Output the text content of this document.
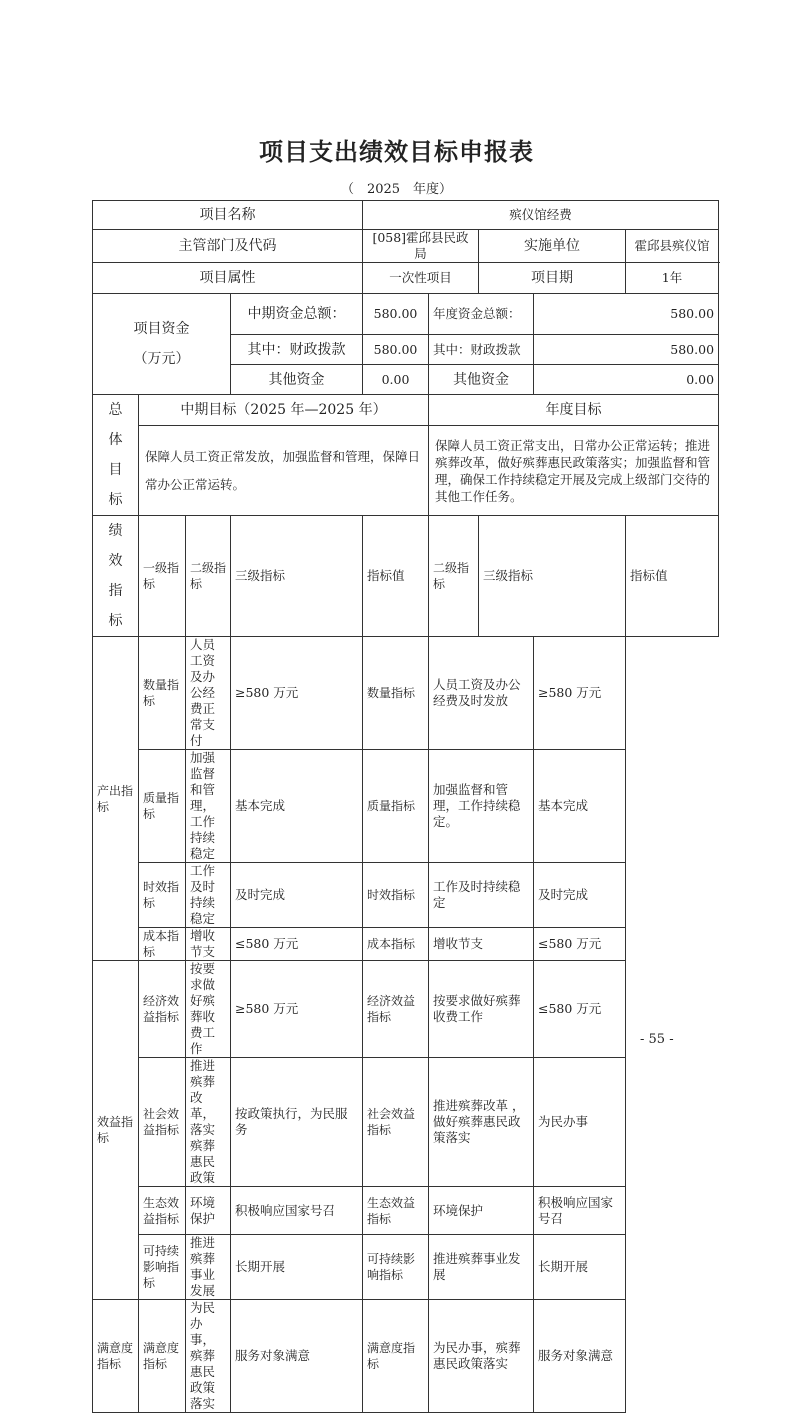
项目支出绩效目标申报表
（　2025　年度）
项目名称				殡仪馆经费				
主管部门及代码				[058]霍邱县民政局		实施单位		霍邱县殡仪馆
项目属性				一次性项目		项目期		1年
项目资金
（万元）			中期资金总额：	580.00	年度资金总额：		580.00	
			其中：财政拨款	580.00	其中：财政拨款		580.00	
			其他资金	0.00	其他资金		0.00	
总体目标	中期目标（2025 年—2025 年）				年度目标			
	保障人员工资正常发放，加强监督和管理，保障日常办公正常运转。				保障人员工资正常支出，日常办公正常运转；推进殡葬改革，做好殡葬惠民政策落实；加强监督和管理，确保工作持续稳定开展及完成上级部门交待的其他工作任务。			
绩效指标	一级指标	二级指标	三级指标	指标值	二级指标	三级指标		指标值
产出指标	数量指标	人员工资及办公经费正常支付	≥580 万元	数量指标	人员工资及办公经费及时发放		≥580 万元	
	质量指标	加强监督和管理，工作持续稳定	基本完成	质量指标	加强监督和管理，工作持续稳定。		基本完成	
	时效指标	工作及时持续稳定	及时完成	时效指标	工作及时持续稳定		及时完成	
	成本指标	增收节支	≤580 万元	成本指标	增收节支		≤580 万元	
效益指标	经济效益指标	按要求做好殡葬收费工作	≥580 万元	经济效益指标	按要求做好殡葬收费工作		≤580 万元	
	社会效益指标	推进殡葬改革，落实殡葬惠民政策	按政策执行，为民服务	社会效益指标	推进殡葬改革 ，做好殡葬惠民政策落实		为民办事	
	生态效益指标	环境保护	积极响应国家号召	生态效益指标	环境保护		积极响应国家号召	
	可持续影响指标	推进殡葬事业发展	长期开展	可持续影响指标	推进殡葬事业发展		长期开展	
满意度指标	满意度指标	为民办事，殡葬惠民政策落实	服务对象满意	满意度指标	为民办事，殡葬惠民政策落实		服务对象满意	
- 55 -
